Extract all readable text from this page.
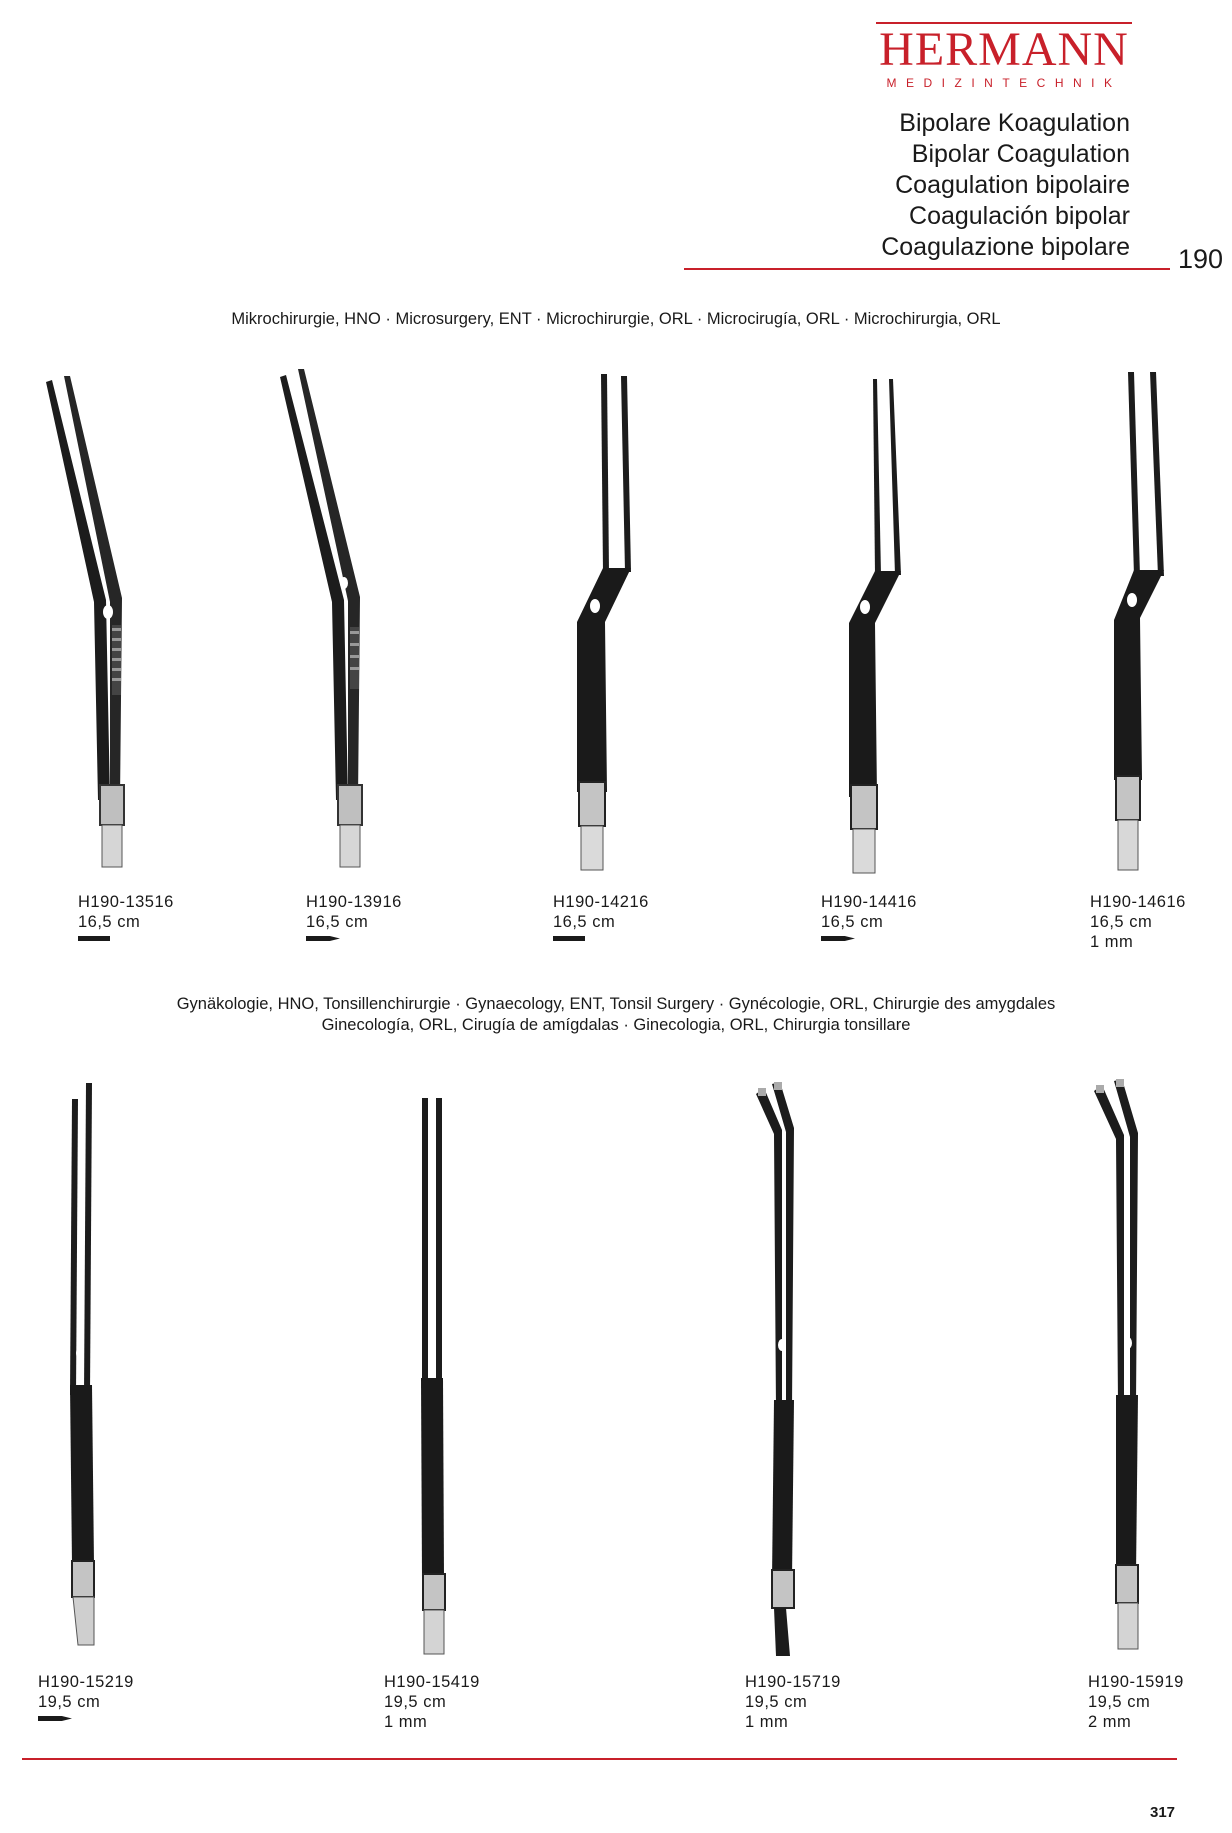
HERMANN
MEDIZINTECHNIK
Bipolare Koagulation
Bipolar Coagulation
Coagulation bipolaire
Coagulación bipolar
Coagulazione bipolare 190
Mikrochirurgie, HNO · Microsurgery, ENT · Microchirurgie, ORL · Microcirugía, ORL · Microchirurgia, ORL
H190-13516
16,5 cm
H190-13916
16,5 cm
H190-14216
16,5 cm
H190-14416
16,5 cm
H190-14616
16,5 cm
1 mm
Gynäkologie, HNO, Tonsillenchirurgie · Gynaecology, ENT, Tonsil Surgery · Gynécologie, ORL, Chirurgie des amygdales
Ginecología, ORL, Cirugía de amígdalas · Ginecologia, ORL, Chirurgia tonsillare
H190-15219
19,5 cm
H190-15419
19,5 cm
1 mm
H190-15719
19,5 cm
1 mm
H190-15919
19,5 cm
2 mm
317
